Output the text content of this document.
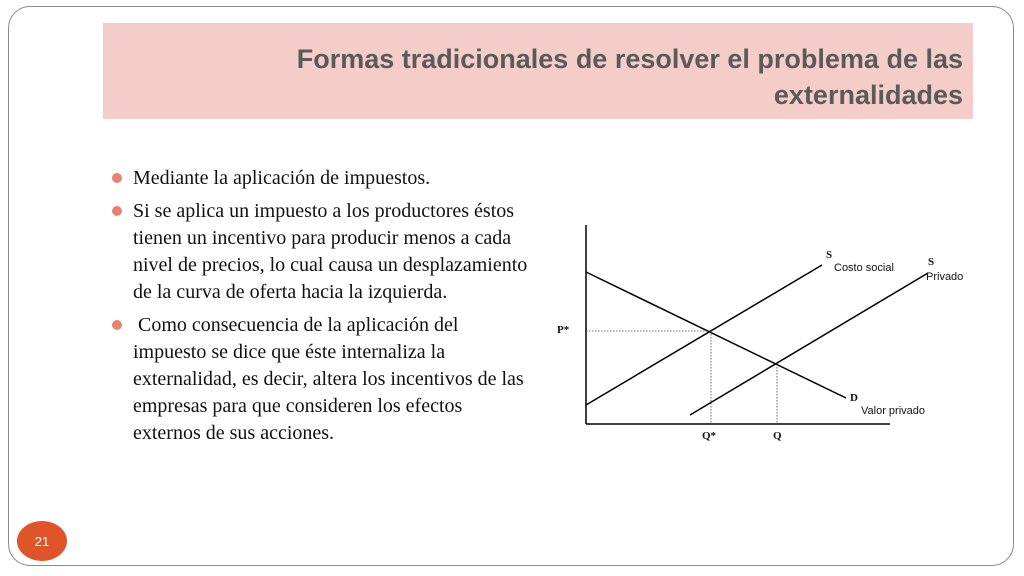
Formas tradicionales de resolver el problema de las externalidades
Mediante la aplicación de impuestos.
Si se aplica un impuesto a los productores éstos tienen un incentivo para producir menos a cada nivel de precios, lo cual causa un desplazamiento de la curva de oferta hacia la izquierda.
Como consecuencia de la aplicación del impuesto se dice que éste internaliza la externalidad, es decir, altera los incentivos de las empresas para que consideren los efectos externos de sus acciones.
S
Costo social	S
Privado
D
Valor privado
P*
Q*	Q
21
